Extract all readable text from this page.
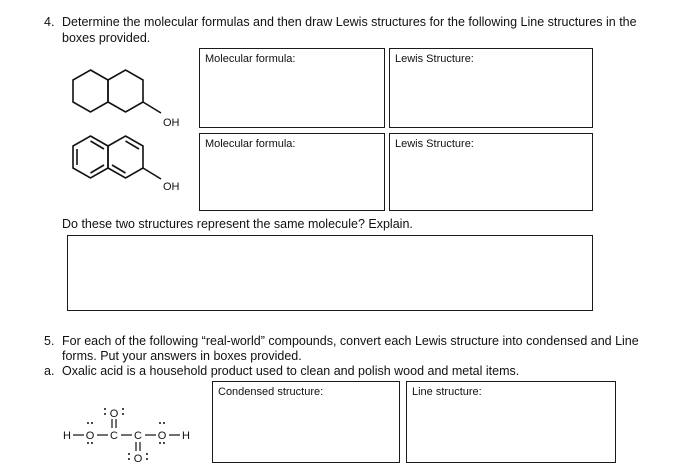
4. Determine the molecular formulas and then draw Lewis structures for the following Line structures in the
boxes provided.
OH
OH
Molecular formula:	Lewis Structure:
Molecular formula:	Lewis Structure:
Do these two structures represent the same molecule? Explain.
5. For each of the following “real-world” compounds, convert each Lewis structure into condensed and Line
forms. Put your answers in boxes provided.
a. Oxalic acid is a household product used to clean and polish wood and metal items.
H O C C O H
O
O
Condensed structure:	Line structure:
